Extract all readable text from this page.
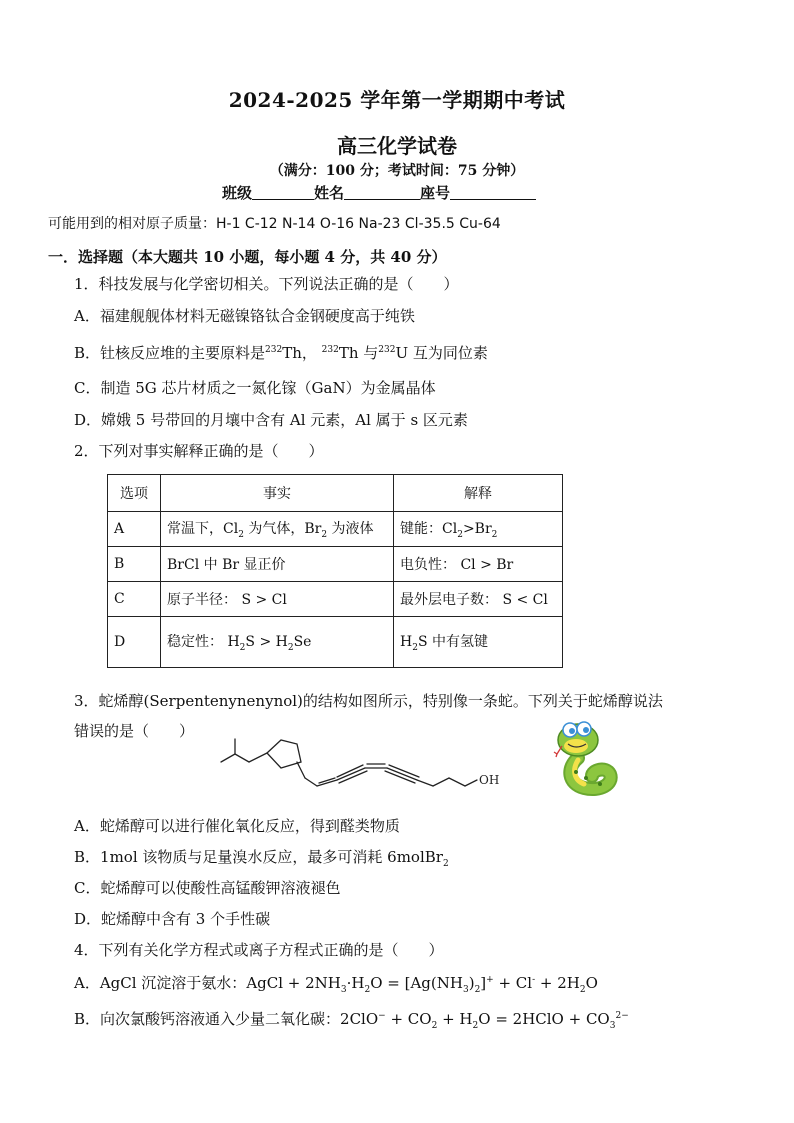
2024-2025 学年第一学期期中考试
高三化学试卷
（满分：100 分；考试时间：75 分钟）
班级	姓名	座号
可能用到的相对原子质量：H-1 C-12 N-14 O-16 Na-23 Cl-35.5 Cu-64
一．选择题（本大题共 10 小题，每小题 4 分，共 40 分）
1．科技发展与化学密切相关。下列说法正确的是（　　）
A．福建舰舰体材料无磁镍铬钛合金钢硬度高于纯铁
B．钍核反应堆的主要原料是$^{232}$Th， $^{232}$Th 与$^{232}$U 互为同位素
C．制造 5G 芯片材质之一氮化镓（GaN）为金属晶体
D．嫦娥 5 号带回的月壤中含有 Al 元素，Al 属于 s 区元素
2．下列对事实解释正确的是（　　）
选项	事实	解释
A	常温下，$Cl_2$ 为气体，$Br_2$ 为液体	键能：$Cl_2>Br_2$
B	BrCl 中 Br 显正价	电负性： Cl > Br
C	原子半径： S > Cl	最外层电子数： S < Cl
D	稳定性： $H_2S > H_2Se$	$H_2S$ 中有氢键
3．蛇烯醇(Serpentenynenynol)的结构如图所示，特别像一条蛇。下列关于蛇烯醇说法
错误的是（　　）
OH
A．蛇烯醇可以进行催化氧化反应，得到醛类物质
B．1mol 该物质与足量溴水反应，最多可消耗 6molBr$_2$
C．蛇烯醇可以使酸性高锰酸钾溶液褪色
D．蛇烯醇中含有 3 个手性碳
4．下列有关化学方程式或离子方程式正确的是（　　）
A．AgCl 沉淀溶于氨水：AgCl + $2NH_3\cdot H_2O = [Ag(NH_3)_2]^+ + Cl^- + 2H_2O$
B．向次氯酸钙溶液通入少量二氧化碳：$2ClO^- + CO_2 + H_2O$ = 2HClO + $CO_3^{2-}$
